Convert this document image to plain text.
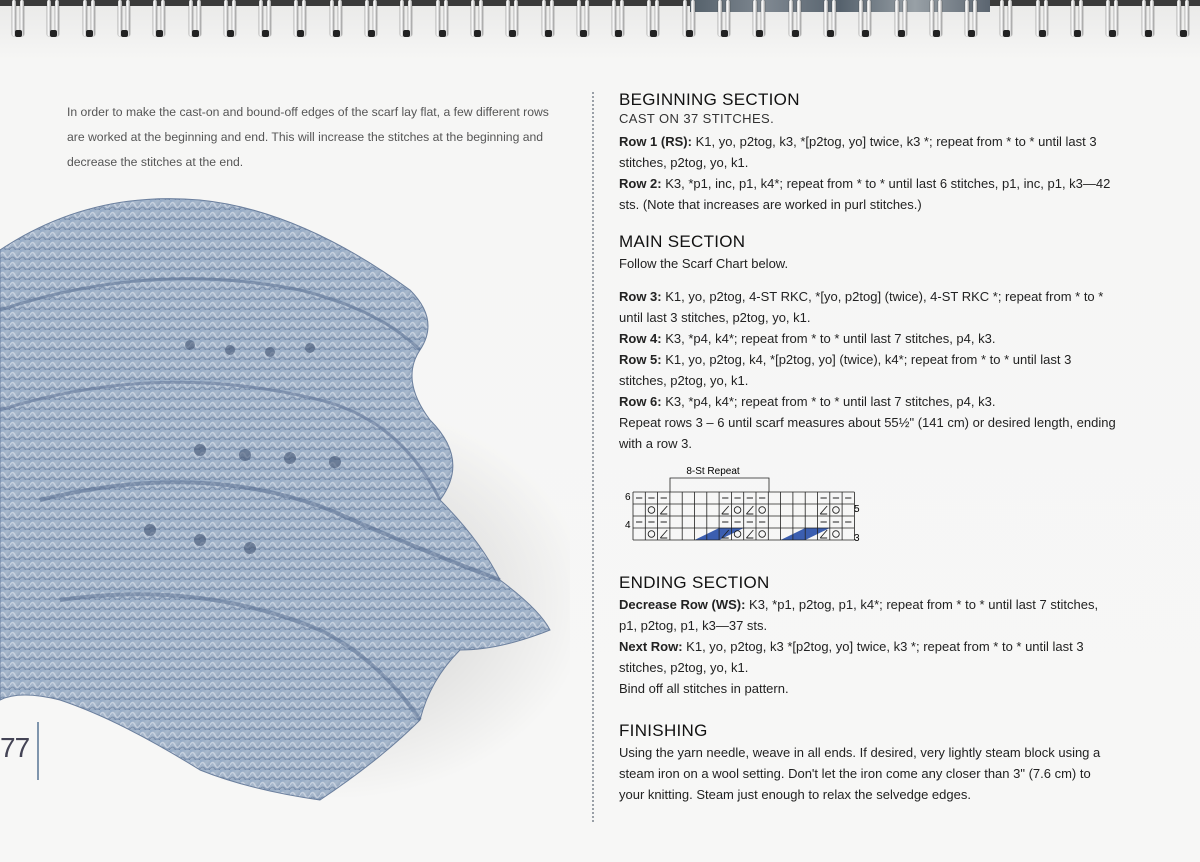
In order to make the cast-on and bound-off edges of the scarf lay flat, a few different rows are worked at the beginning and end. This will increase the stitches at the beginning and decrease the stitches at the end.

77
BEGINNING SECTION
CAST ON 37 STITCHES.

Row 1 (RS): K1, yo, p2tog, k3, *[p2tog, yo] twice, k3 *; repeat from * to * until last 3 stitches, p2tog, yo, k1.

Row 2: K3, *p1, inc, p1, k4*; repeat from * to * until last 6 stitches, p1, inc, p1, k3—42 sts. (Note that increases are worked in purl stitches.)

MAIN SECTION

Follow the Scarf Chart below.

Row 3: K1, yo, p2tog, 4-ST RKC, *[yo, p2tog] (twice), 4-ST RKC *; repeat from * to * until last 3 stitches, p2tog, yo, k1.

Row 4: K3, *p4, k4*; repeat from * to * until last 7 stitches, p4, k3.

Row 5: K1, yo, p2tog, k4, *[p2tog, yo] (twice), k4*; repeat from * to * until last 3 stitches, p2tog, yo, k1.

Row 6: K3, *p4, k4*; repeat from * to * until last 7 stitches, p4, k3.

Repeat rows 3 – 6 until scarf measures about 55½" (141 cm) or desired length, ending with a row 3.

8-St Repeat
6
4
5
3
ENDING SECTION

Decrease Row (WS): K3, *p1, p2tog, p1, k4*; repeat from * to * until last 7 stitches, p1, p2tog, p1, k3—37 sts.

Next Row: K1, yo, p2tog, k3 *[p2tog, yo] twice, k3 *; repeat from * to * until last 3 stitches, p2tog, yo, k1.

Bind off all stitches in pattern.

FINISHING

Using the yarn needle, weave in all ends. If desired, very lightly steam block using a steam iron on a wool setting. Don't let the iron come any closer than 3" (7.6 cm) to your knitting. Steam just enough to relax the selvedge edges.
